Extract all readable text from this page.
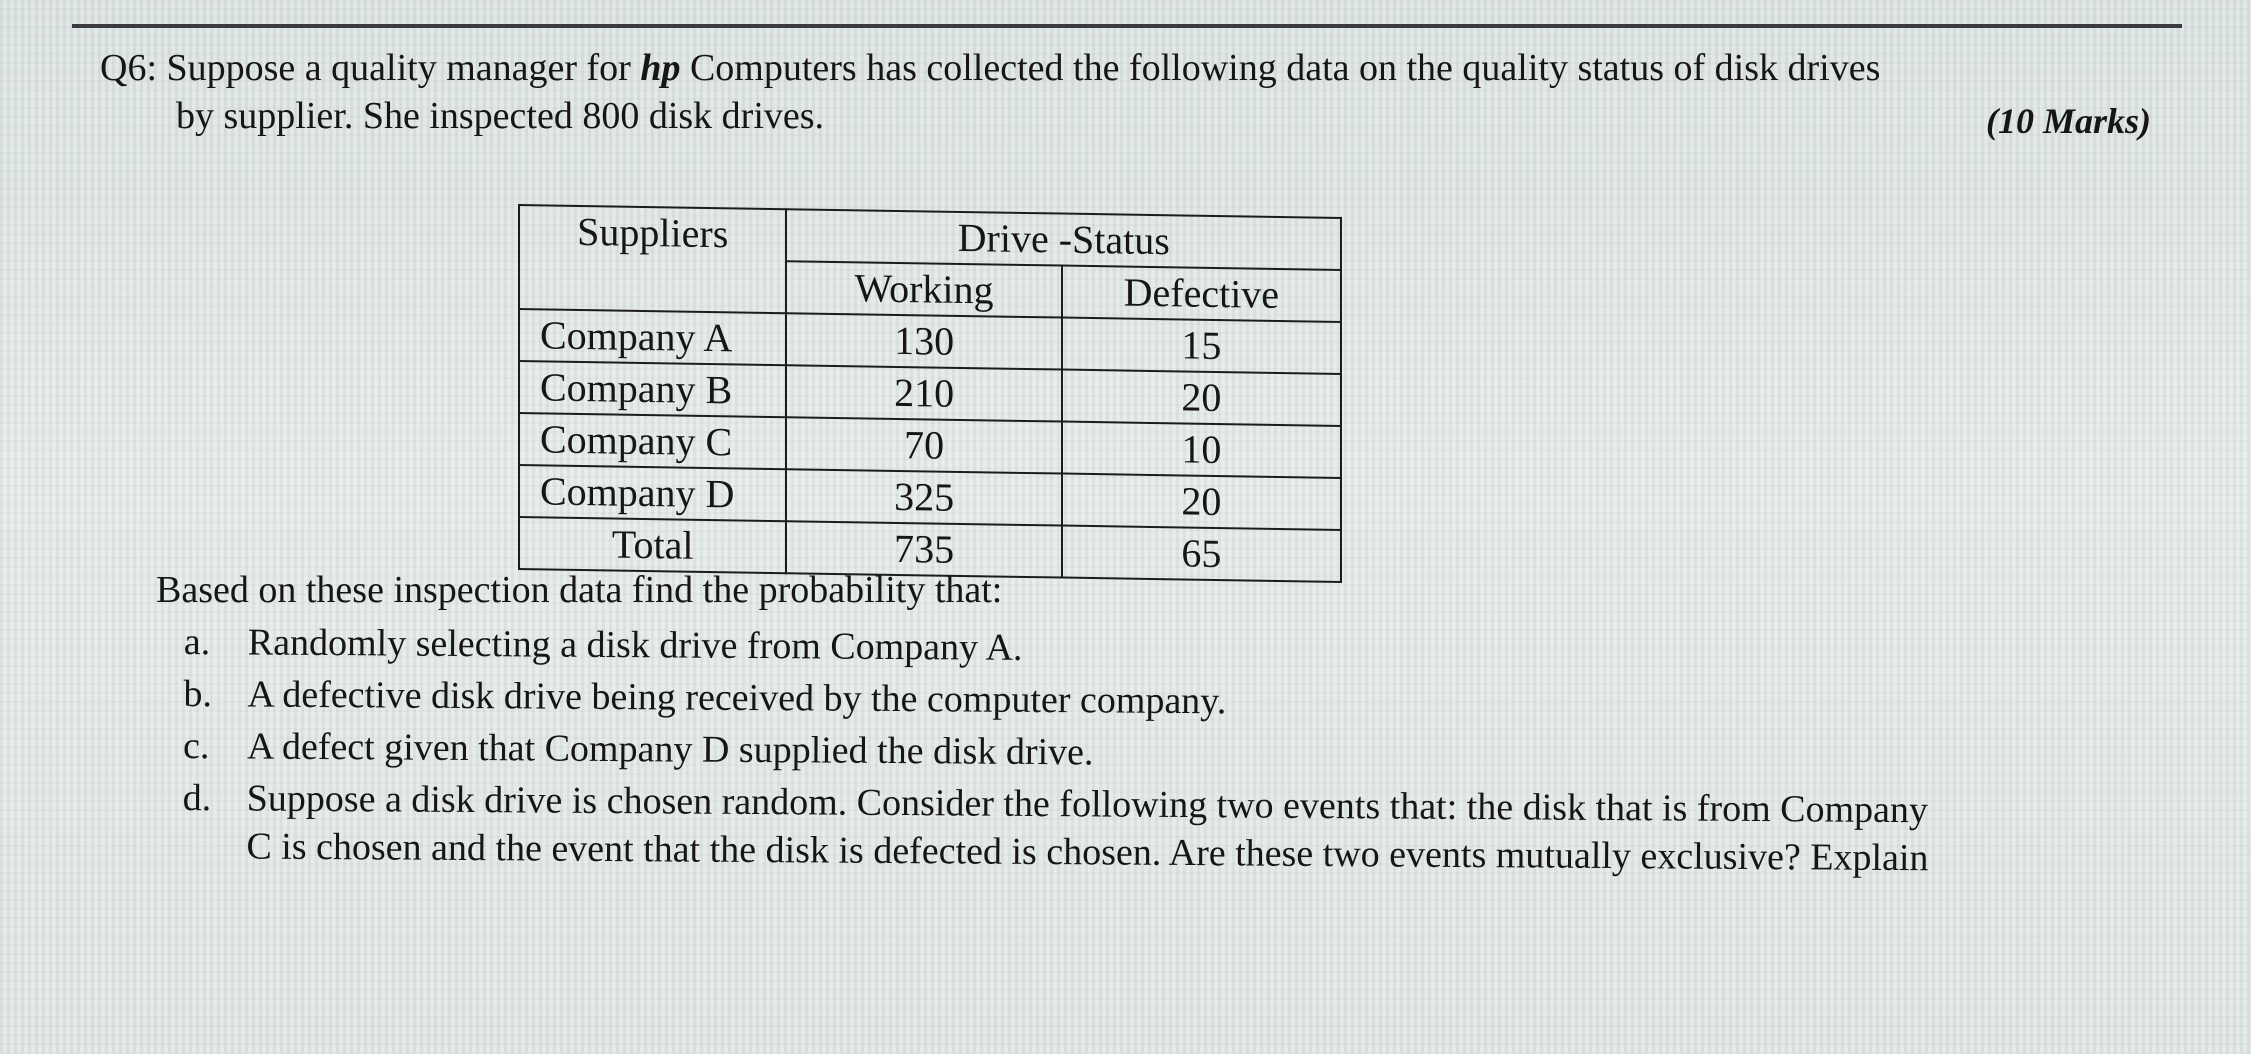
Q6: Suppose a quality manager for hp Computers has collected the following data on the quality status of disk drives
by supplier. She inspected 800 disk drives.	(10 Marks)
Suppliers	Drive -Status	
	Working	Defective
Company A	130	15
Company B	210	20
Company C	70	10
Company D	325	20
Total	735	65
Based on these inspection data find the probability that:
a. Randomly selecting a disk drive from Company A.
b. A defective disk drive being received by the computer company.
c. A defect given that Company D supplied the disk drive.
d. Suppose a disk drive is chosen random. Consider the following two events that: the disk that is from Company
C is chosen and the event that the disk is defected is chosen. Are these two events mutually exclusive? Explain
